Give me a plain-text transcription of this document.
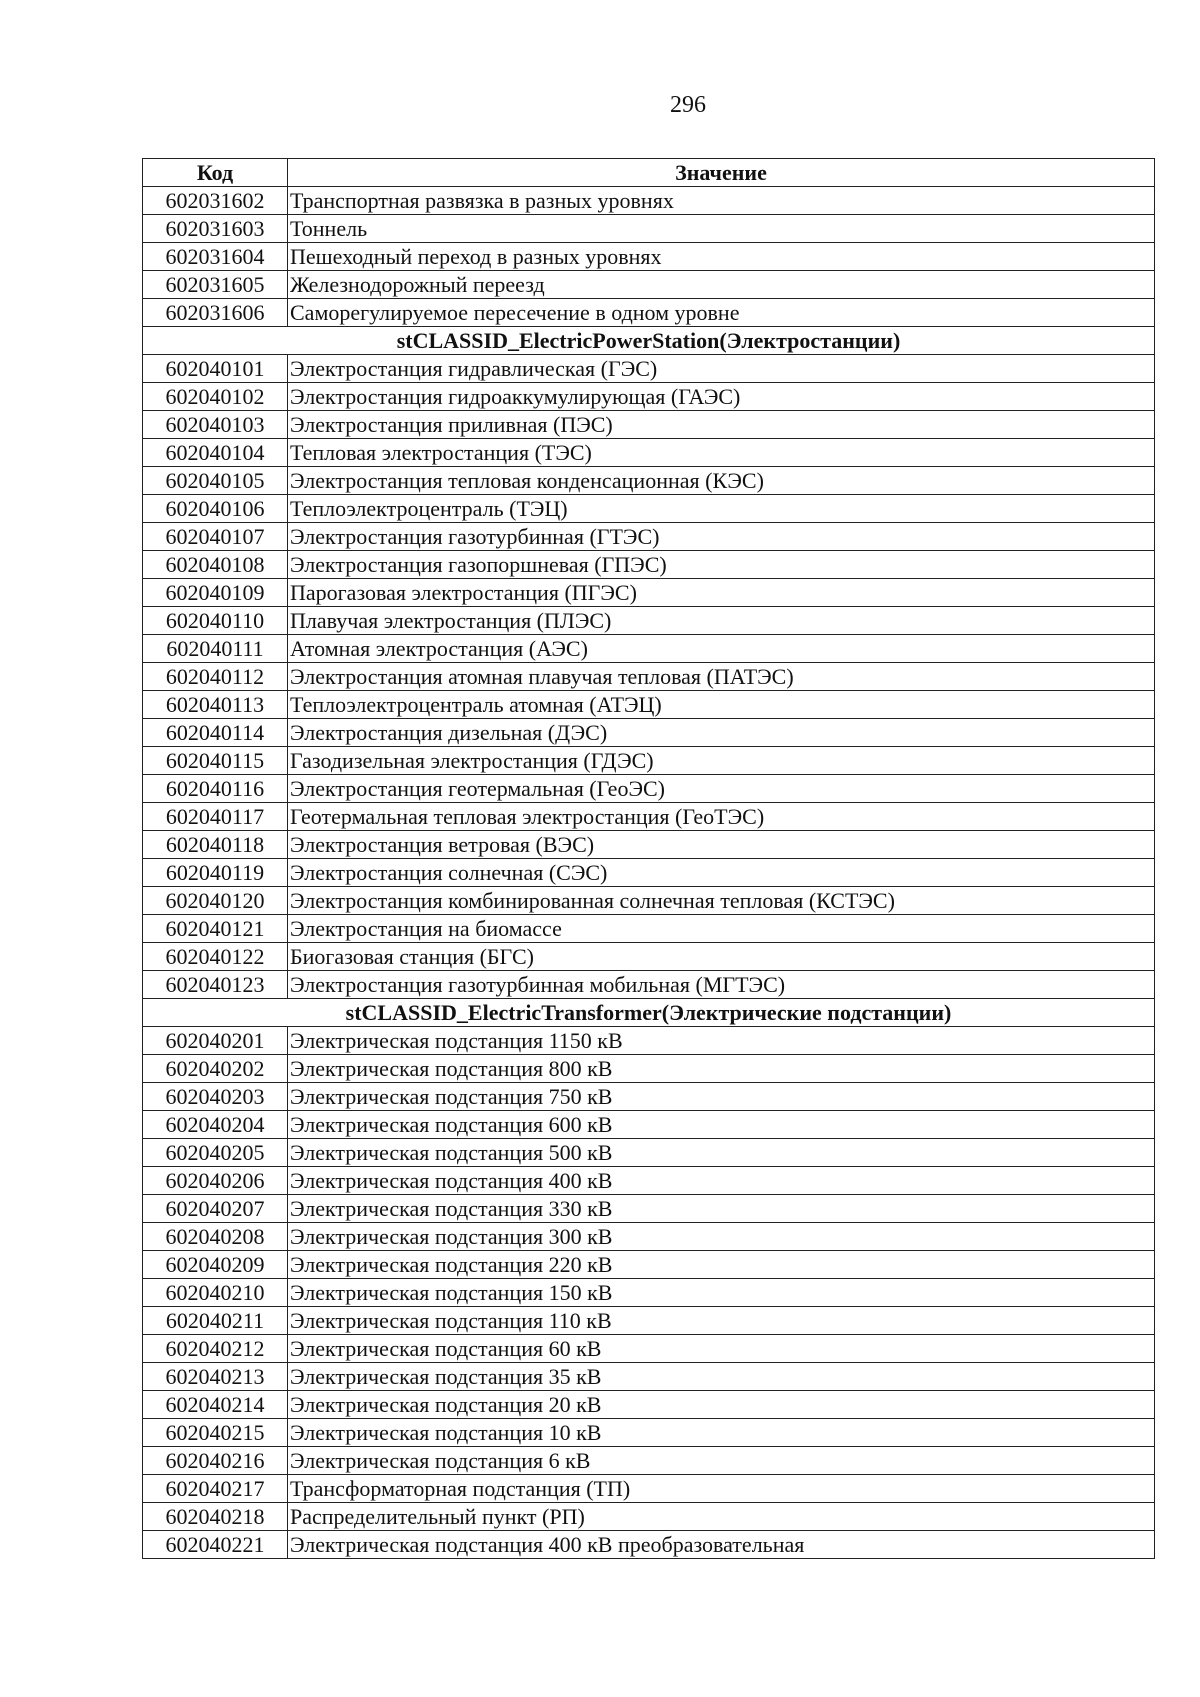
296
Код	Значение
602031602	Транспортная развязка в разных уровнях
602031603	Тоннель
602031604	Пешеходный переход в разных уровнях
602031605	Железнодорожный переезд
602031606	Саморегулируемое пересечение в одном уровне
stCLASSID_ElectricPowerStation(Электростанции)	
602040101	Электростанция гидравлическая (ГЭС)
602040102	Электростанция гидроаккумулирующая (ГАЭС)
602040103	Электростанция приливная (ПЭС)
602040104	Тепловая электростанция (ТЭС)
602040105	Электростанция тепловая конденсационная (КЭС)
602040106	Теплоэлектроцентраль (ТЭЦ)
602040107	Электростанция газотурбинная (ГТЭС)
602040108	Электростанция газопоршневая (ГПЭС)
602040109	Парогазовая электростанция (ПГЭС)
602040110	Плавучая электростанция (ПЛЭС)
602040111	Атомная электростанция (АЭС)
602040112	Электростанция атомная плавучая тепловая (ПАТЭС)
602040113	Теплоэлектроцентраль атомная (АТЭЦ)
602040114	Электростанция дизельная (ДЭС)
602040115	Газодизельная электростанция (ГДЭС)
602040116	Электростанция геотермальная (ГеоЭС)
602040117	Геотермальная тепловая электростанция (ГеоТЭС)
602040118	Электростанция ветровая (ВЭС)
602040119	Электростанция солнечная (СЭС)
602040120	Электростанция комбинированная солнечная тепловая (КСТЭС)
602040121	Электростанция на биомассе
602040122	Биогазовая станция (БГС)
602040123	Электростанция газотурбинная мобильная (МГТЭС)
stCLASSID_ElectricTransformer(Электрические подстанции)	
602040201	Электрическая подстанция 1150 кВ
602040202	Электрическая подстанция 800 кВ
602040203	Электрическая подстанция 750 кВ
602040204	Электрическая подстанция 600 кВ
602040205	Электрическая подстанция 500 кВ
602040206	Электрическая подстанция 400 кВ
602040207	Электрическая подстанция 330 кВ
602040208	Электрическая подстанция 300 кВ
602040209	Электрическая подстанция 220 кВ
602040210	Электрическая подстанция 150 кВ
602040211	Электрическая подстанция 110 кВ
602040212	Электрическая подстанция 60 кВ
602040213	Электрическая подстанция 35 кВ
602040214	Электрическая подстанция 20 кВ
602040215	Электрическая подстанция 10 кВ
602040216	Электрическая подстанция 6 кВ
602040217	Трансформаторная подстанция (ТП)
602040218	Распределительный пункт (РП)
602040221	Электрическая подстанция 400 кВ преобразовательная
